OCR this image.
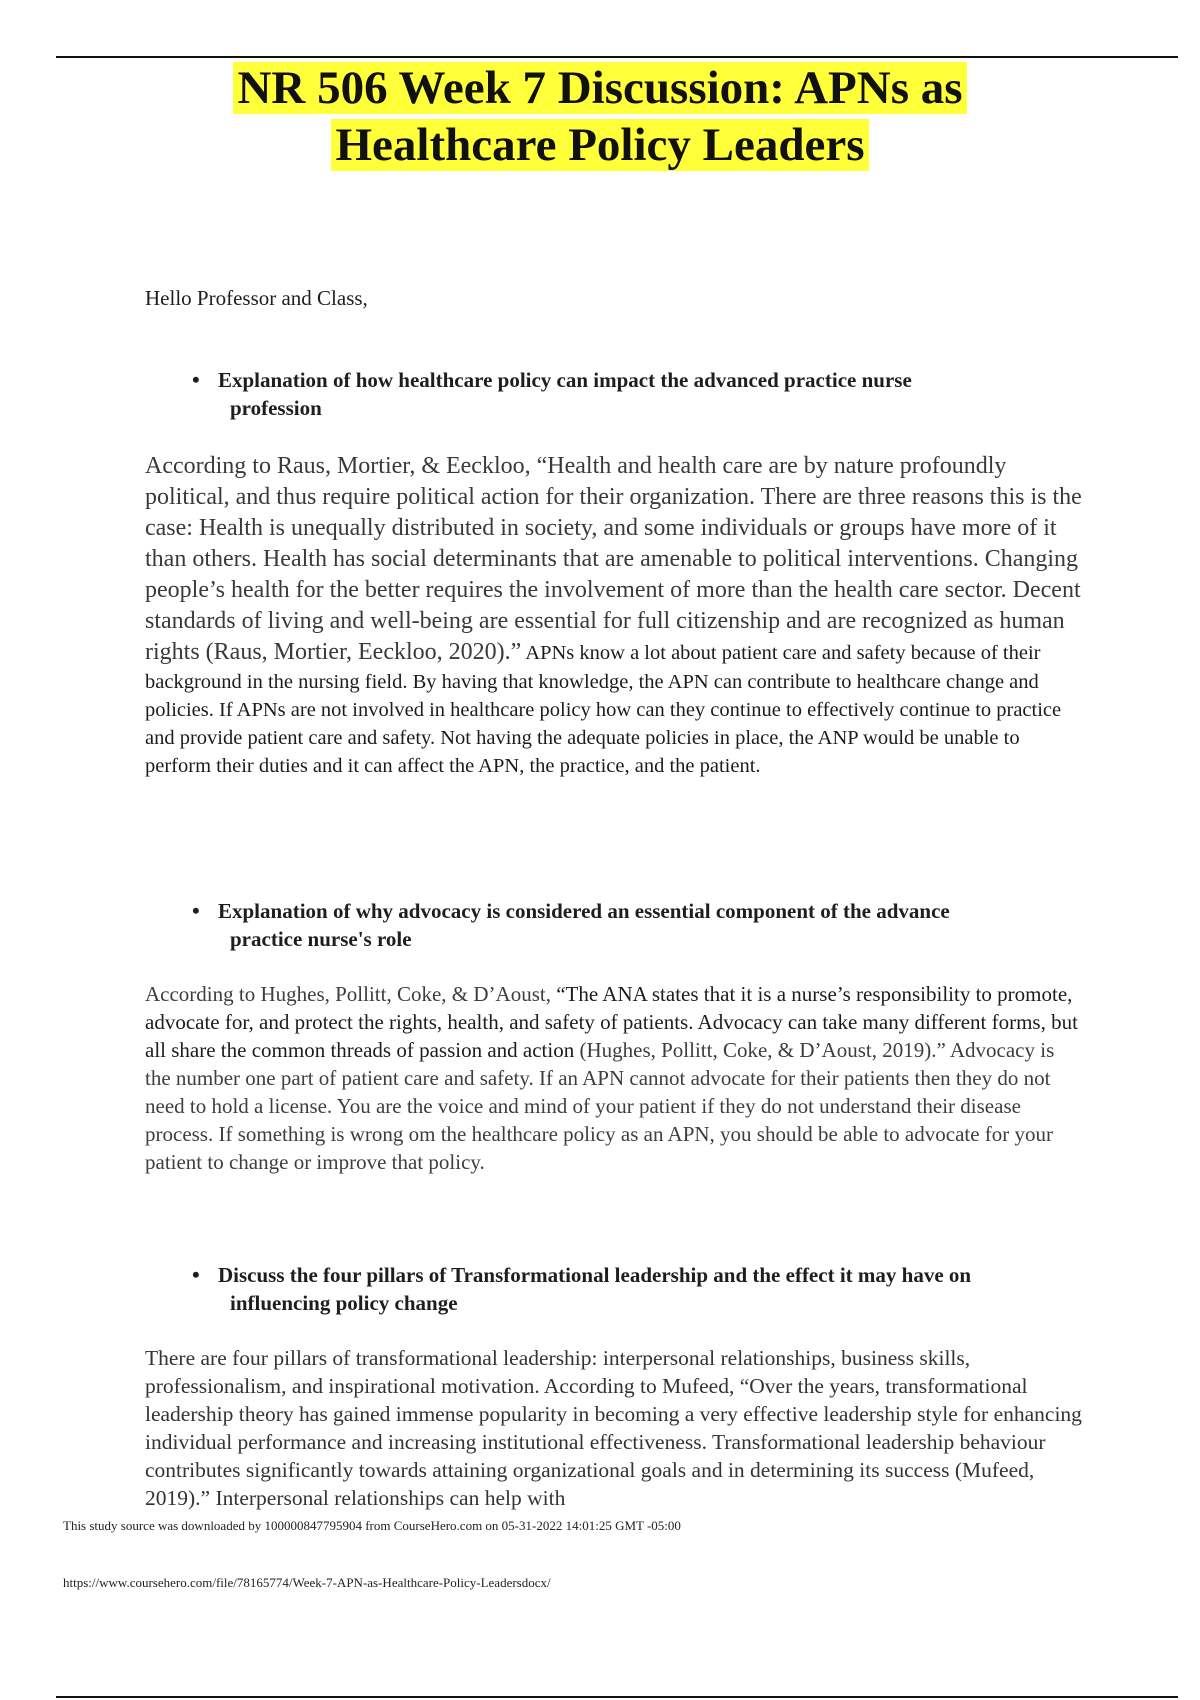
NR 506 Week 7 Discussion: APNs as
Healthcare Policy Leaders

Hello Professor and Class,

• Explanation of how healthcare policy can impact the advanced practice nurse
profession

According to Raus, Mortier, & Eeckloo, “Health and health care are by nature profoundly political, and thus require political action for their organization. There are three reasons this is the case: Health is unequally distributed in society, and some individuals or groups have more of it than others. Health has social determinants that are amenable to political interventions. Changing people’s health for the better requires the involvement of more than the health care sector. Decent standards of living and well-being are essential for full citizenship and are recognized as human rights (Raus, Mortier, Eeckloo, 2020).” APNs know a lot about patient care and safety because of their background in the nursing field. By having that knowledge, the APN can contribute to healthcare change and policies. If APNs are not involved in healthcare policy how can they continue to effectively continue to practice and provide patient care and safety. Not having the adequate policies in place, the ANP would be unable to perform their duties and it can affect the APN, the practice, and the patient.

• Explanation of why advocacy is considered an essential component of the advance
practice nurse's role

According to Hughes, Pollitt, Coke, & D’Aoust, “The ANA states that it is a nurse’s responsibility to promote, advocate for, and protect the rights, health, and safety of patients. Advocacy can take many different forms, but all share the common threads of passion and action (Hughes, Pollitt, Coke, & D’Aoust, 2019).” Advocacy is the number one part of patient care and safety. If an APN cannot advocate for their patients then they do not need to hold a license. You are the voice and mind of your patient if they do not understand their disease process. If something is wrong om the healthcare policy as an APN, you should be able to advocate for your patient to change or improve that policy.

• Discuss the four pillars of Transformational leadership and the effect it may have on
influencing policy change

There are four pillars of transformational leadership: interpersonal relationships, business skills, professionalism, and inspirational motivation. According to Mufeed, “Over the years, transformational leadership theory has gained immense popularity in becoming a very effective leadership style for enhancing individual performance and increasing institutional effectiveness. Transformational leadership behaviour contributes significantly towards attaining organizational goals and in determining its success (Mufeed, 2019).” Interpersonal relationships can help with

This study source was downloaded by 100000847795904 from CourseHero.com on 05-31-2022 14:01:25 GMT -05:00

https://www.coursehero.com/file/78165774/Week-7-APN-as-Healthcare-Policy-Leadersdocx/
